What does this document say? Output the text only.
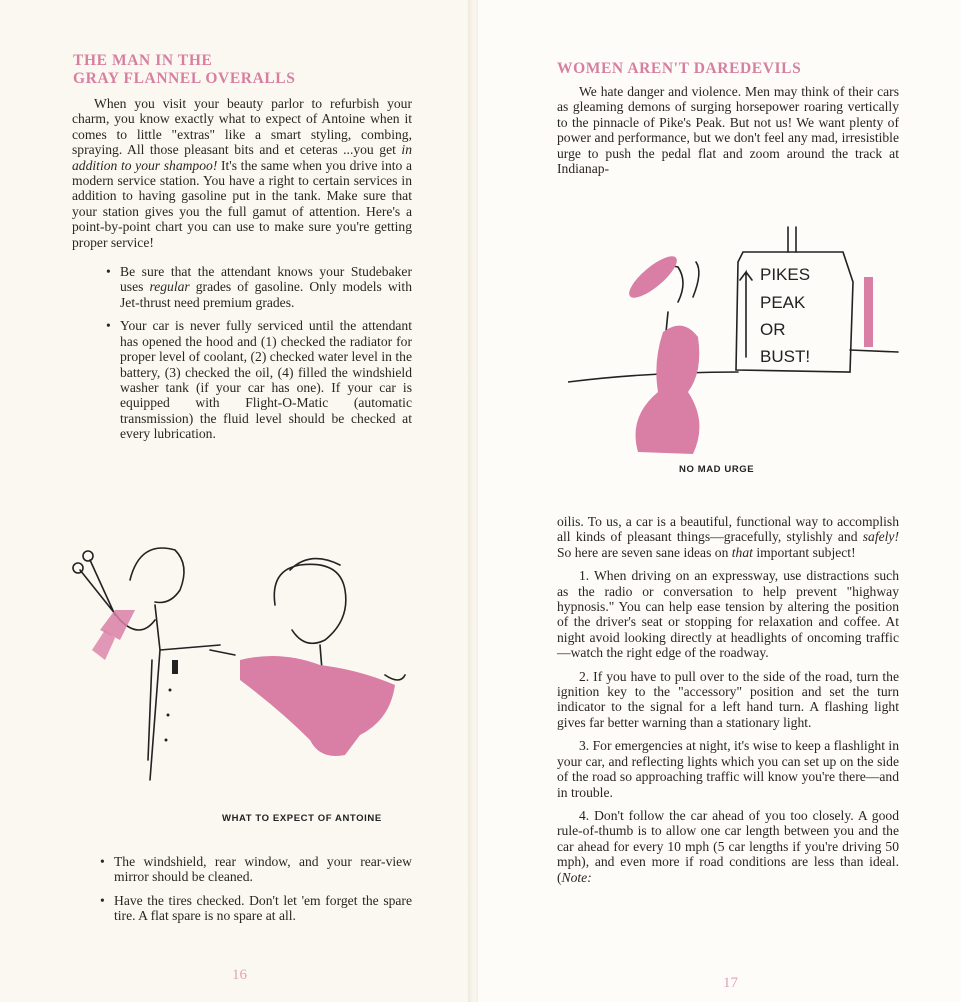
THE MAN IN THE
GRAY FLANNEL OVERALLS

When you visit your beauty parlor to refurbish your charm, you know exactly what to expect of Antoine when it comes to little "extras" like a smart styling, combing, spraying. All those pleasant bits and et ceteras ...you get in addition to your shampoo! It's the same when you drive into a modern service station. You have a right to certain services in addition to having gasoline put in the tank. Make sure that your station gives you the full gamut of attention. Here's a point-by-point chart you can use to make sure you're getting proper service!

• Be sure that the attendant knows your Studebaker uses regular grades of gasoline. Only models with Jet-thrust need premium grades.
• Your car is never fully serviced until the attendant has opened the hood and (1) checked the radiator for proper level of coolant, (2) checked water level in the battery, (3) checked the oil, (4) filled the windshield washer tank (if your car has one). If your car is equipped with Flight-O-Matic (automatic transmission) the fluid level should be checked at every lubrication.
WHAT TO EXPECT OF ANTOINE
• The windshield, rear window, and your rear-view mirror should be cleaned.
• Have the tires checked. Don't let 'em forget the spare tire. A flat spare is no spare at all.
16
WOMEN AREN'T DAREDEVILS

We hate danger and violence. Men may think of their cars as gleaming demons of surging horsepower roaring vertically to the pinnacle of Pike's Peak. But not us! We want plenty of power and performance, but we don't feel any mad, irresistible urge to push the pedal flat and zoom around the track at Indianap-

PIKES
PEAK
OR
BUST!
NO MAD URGE

oilis. To us, a car is a beautiful, functional way to accomplish all kinds of pleasant things—gracefully, stylishly and safely! So here are seven sane ideas on that important subject!

1. When driving on an expressway, use distractions such as the radio or conversation to help prevent "highway hypnosis." You can help ease tension by altering the position of the driver's seat or stopping for relaxation and coffee. At night avoid looking directly at headlights of oncoming traffic—watch the right edge of the roadway.

2. If you have to pull over to the side of the road, turn the ignition key to the "accessory" position and set the turn indicator to the signal for a left hand turn. A flashing light gives far better warning than a stationary light.

3. For emergencies at night, it's wise to keep a flashlight in your car, and reflecting lights which you can set up on the side of the road so approaching traffic will know you're there—and in trouble.

4. Don't follow the car ahead of you too closely. A good rule-of-thumb is to allow one car length between you and the car ahead for every 10 mph (5 car lengths if you're driving 50 mph), and even more if road conditions are less than ideal. (Note:

17
